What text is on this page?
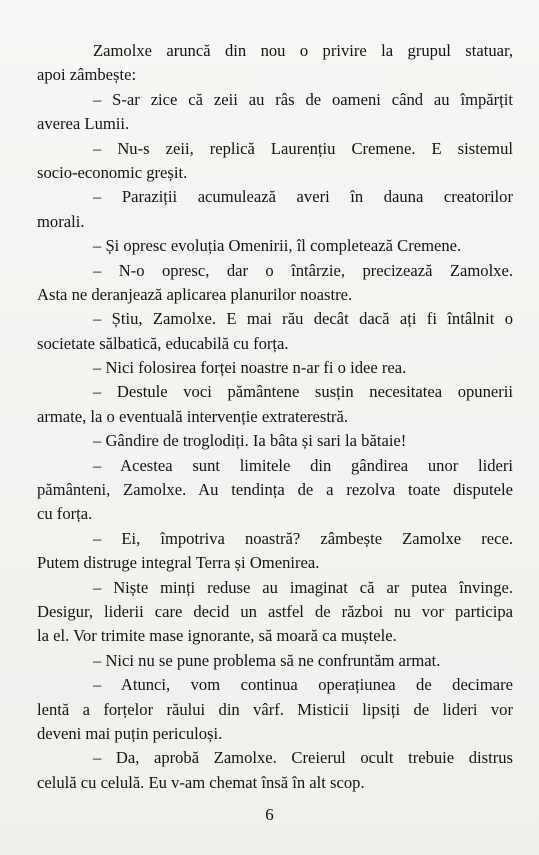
Zamolxe aruncă din nou o privire la grupul statuar,
apoi zâmbește:
– S-ar zice că zeii au râs de oameni când au împărțit
averea Lumii.
– Nu-s zeii, replică Laurențiu Cremene. E sistemul
socio-economic greșit.
– Paraziții acumulează averi în dauna creatorilor
morali.
– Și opresc evoluția Omenirii, îl completează Cremene.
– N-o opresc, dar o întârzie, precizează Zamolxe.
Asta ne deranjează aplicarea planurilor noastre.
– Știu, Zamolxe. E mai rău decât dacă ați fi întâlnit o
societate sălbatică, educabilă cu forța.
– Nici folosirea forței noastre n-ar fi o idee rea.
– Destule voci pământene susțin necesitatea opunerii
armate, la o eventuală intervenție extraterestră.
– Gândire de troglodiți. Ia bâta și sari la bătaie!
– Acestea sunt limitele din gândirea unor lideri
pământeni, Zamolxe. Au tendința de a rezolva toate disputele
cu forța.
– Ei, împotriva noastră? zâmbește Zamolxe rece.
Putem distruge integral Terra și Omenirea.
– Niște minți reduse au imaginat că ar putea învinge.
Desigur, liderii care decid un astfel de război nu vor participa
la el. Vor trimite mase ignorante, să moară ca muștele.
– Nici nu se pune problema să ne confruntăm armat.
– Atunci, vom continua operațiunea de decimare
lentă a forțelor răului din vârf. Misticii lipsiți de lideri vor
deveni mai puțin periculoși.
– Da, aprobă Zamolxe. Creierul ocult trebuie distrus
celulă cu celulă. Eu v-am chemat însă în alt scop.
6
